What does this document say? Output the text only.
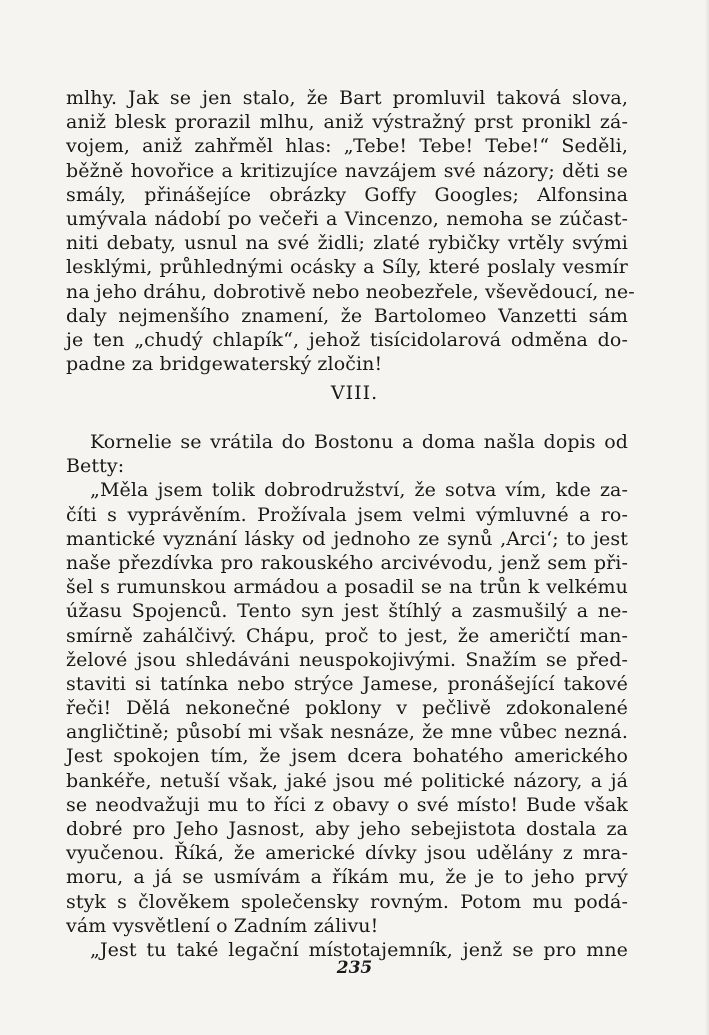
mlhy. Jak se jen stalo, že Bart promluvil taková slova,
aniž blesk prorazil mlhu, aniž výstražný prst pronikl zá-
vojem, aniž zahřměl hlas: „Tebe! Tebe! Tebe!“ Seděli,
běžně hovořice a kritizujíce navzájem své názory; děti se
smály, přinášejíce obrázky Goffy Googles; Alfonsina
umývala nádobí po večeři a Vincenzo, nemoha se zúčast-
niti debaty, usnul na své židli; zlaté rybičky vrtěly svými
lesklými, průhlednými ocásky a Síly, které poslaly vesmír
na jeho dráhu, dobrotivě nebo neobezřele, vševědoucí, ne-
daly nejmenšího znamení, že Bartolomeo Vanzetti sám
je ten „chudý chlapík“, jehož tisícidolarová odměna do-
padne za bridgewaterský zločin!
VIII.
Kornelie se vrátila do Bostonu a doma našla dopis od
Betty:
„Měla jsem tolik dobrodružství, že sotva vím, kde za-
číti s vyprávěním. Prožívala jsem velmi výmluvné a ro-
mantické vyznání lásky od jednoho ze synů ‚Arci‘; to jest
naše přezdívka pro rakouského arcivévodu, jenž sem při-
šel s rumunskou armádou a posadil se na trůn k velkému
úžasu Spojenců. Tento syn jest štíhlý a zasmušilý a ne-
smírně zahálčivý. Chápu, proč to jest, že američtí man-
želové jsou shledáváni neuspokojivými. Snažím se před-
staviti si tatínka nebo strýce Jamese, pronášející takové
řeči! Dělá nekonečné poklony v pečlivě zdokonalené
angličtině; působí mi však nesnáze, že mne vůbec nezná.
Jest spokojen tím, že jsem dcera bohatého amerického
bankéře, netuší však, jaké jsou mé politické názory, a já
se neodvažuji mu to říci z obavy o své místo! Bude však
dobré pro Jeho Jasnost, aby jeho sebejistota dostala za
vyučenou. Říká, že americké dívky jsou udělány z mra-
moru, a já se usmívám a říkám mu, že je to jeho prvý
styk s člověkem společensky rovným. Potom mu podá-
vám vysvětlení o Zadním zálivu!
„Jest tu také legační místotajemník, jenž se pro mne
235
